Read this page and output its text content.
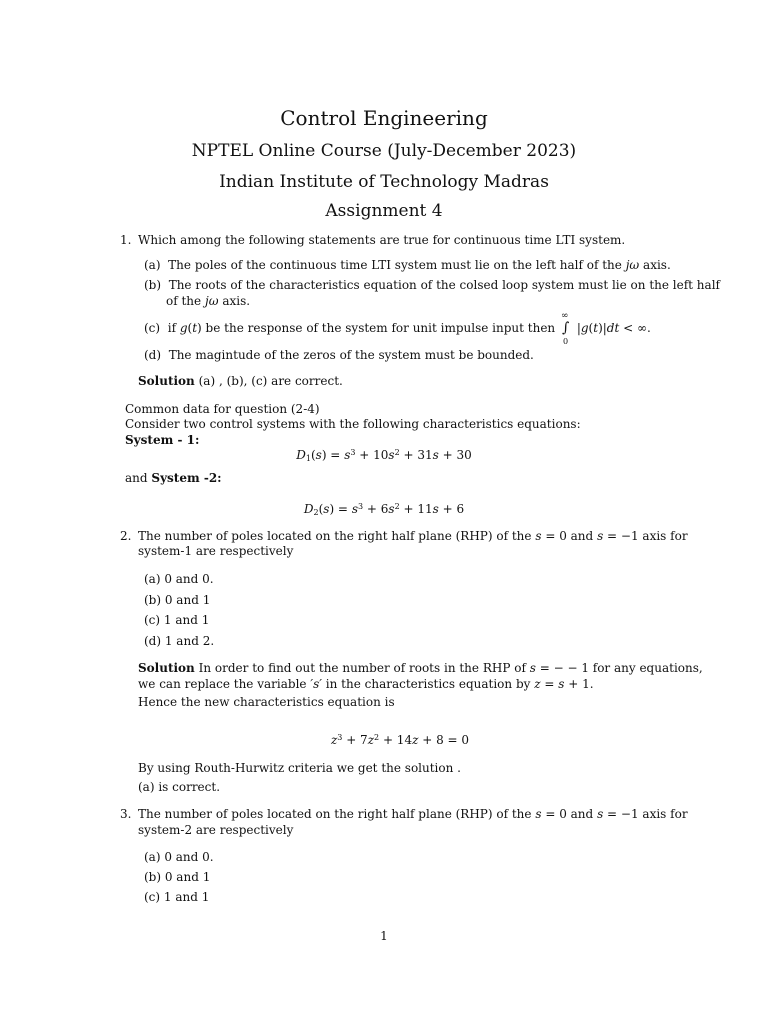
Control Engineering
NPTEL Online Course (July-December 2023)
Indian Institute of Technology Madras
Assignment 4
1. Which among the following statements are true for continuous time LTI system.
(a) The poles of the continuous time LTI system must lie on the left half of the jω axis.
(b) The roots of the characteristics equation of the colsed loop system must lie on the left half
of the jω axis.
(c) if g(t) be the response of the system for unit impulse input then
∞
∫
0
|g(t)|dt < ∞.
(d) The magintude of the zeros of the system must be bounded.
Solution (a) , (b), (c) are correct.
Common data for question (2-4)
Consider two control systems with the following characteristics equations:
System - 1:
$D_1(s) = s^3 + 10s^2 + 31s + 30$
and System -2:
$D_2(s) = s^3 + 6s^2 + 11s + 6$
2. The number of poles located on the right half plane (RHP) of the s = 0 and s = −1 axis for
system-1 are respectively
(a) 0 and 0.
(b) 0 and 1
(c) 1 and 1
(d) 1 and 2.
Solution In order to find out the number of roots in the RHP of s = − − 1 for any equations,
we can replace the variable ′s′ in the characteristics equation by z = s + 1.
Hence the new characteristics equation is
$z^3 + 7z^2 + 14z + 8 = 0$
By using Routh-Hurwitz criteria we get the solution .
(a) is correct.
3. The number of poles located on the right half plane (RHP) of the s = 0 and s = −1 axis for
system-2 are respectively
(a) 0 and 0.
(b) 0 and 1
(c) 1 and 1
1
